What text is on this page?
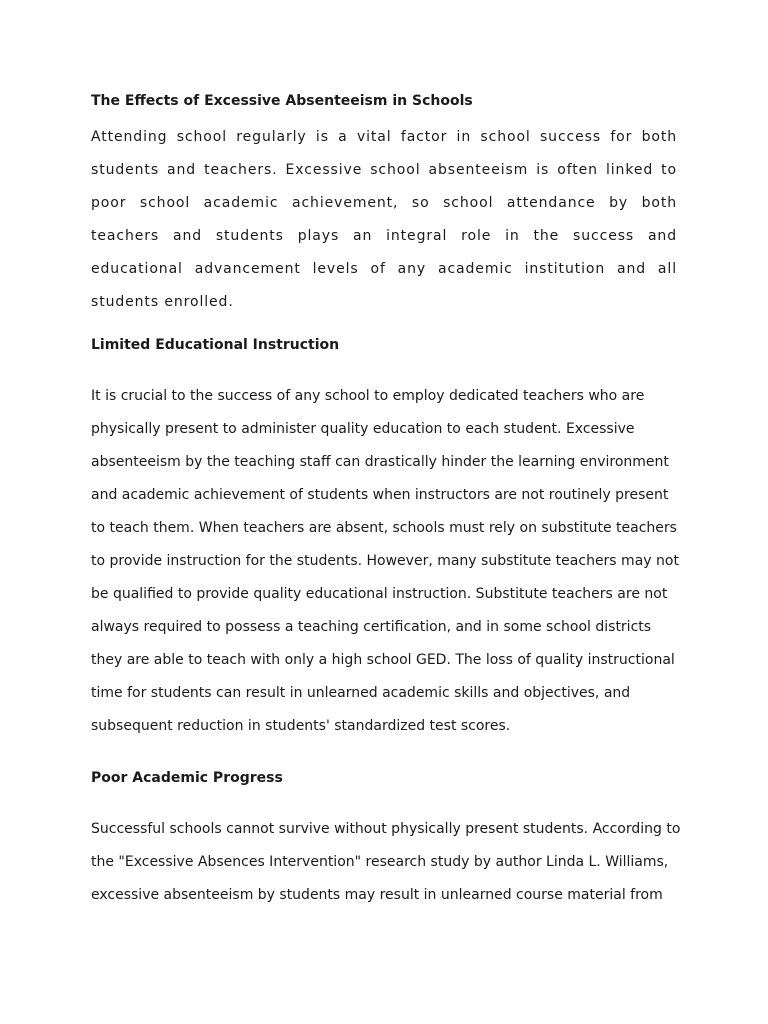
The Effects of Excessive Absenteeism in Schools

Attending school regularly is a vital factor in school success for both students and teachers. Excessive school absenteeism is often linked to poor school academic achievement, so school attendance by both teachers and students plays an integral role in the success and educational advancement levels of any academic institution and all students enrolled.

Limited Educational Instruction

It is crucial to the success of any school to employ dedicated teachers who are
physically present to administer quality education to each student. Excessive
absenteeism by the teaching staff can drastically hinder the learning environment
and academic achievement of students when instructors are not routinely present
to teach them. When teachers are absent, schools must rely on substitute teachers
to provide instruction for the students. However, many substitute teachers may not
be qualified to provide quality educational instruction. Substitute teachers are not
always required to possess a teaching certification, and in some school districts
they are able to teach with only a high school GED. The loss of quality instructional
time for students can result in unlearned academic skills and objectives, and
subsequent reduction in students' standardized test scores.

Poor Academic Progress

Successful schools cannot survive without physically present students. According to
the "Excessive Absences Intervention" research study by author Linda L. Williams,
excessive absenteeism by students may result in unlearned course material from
